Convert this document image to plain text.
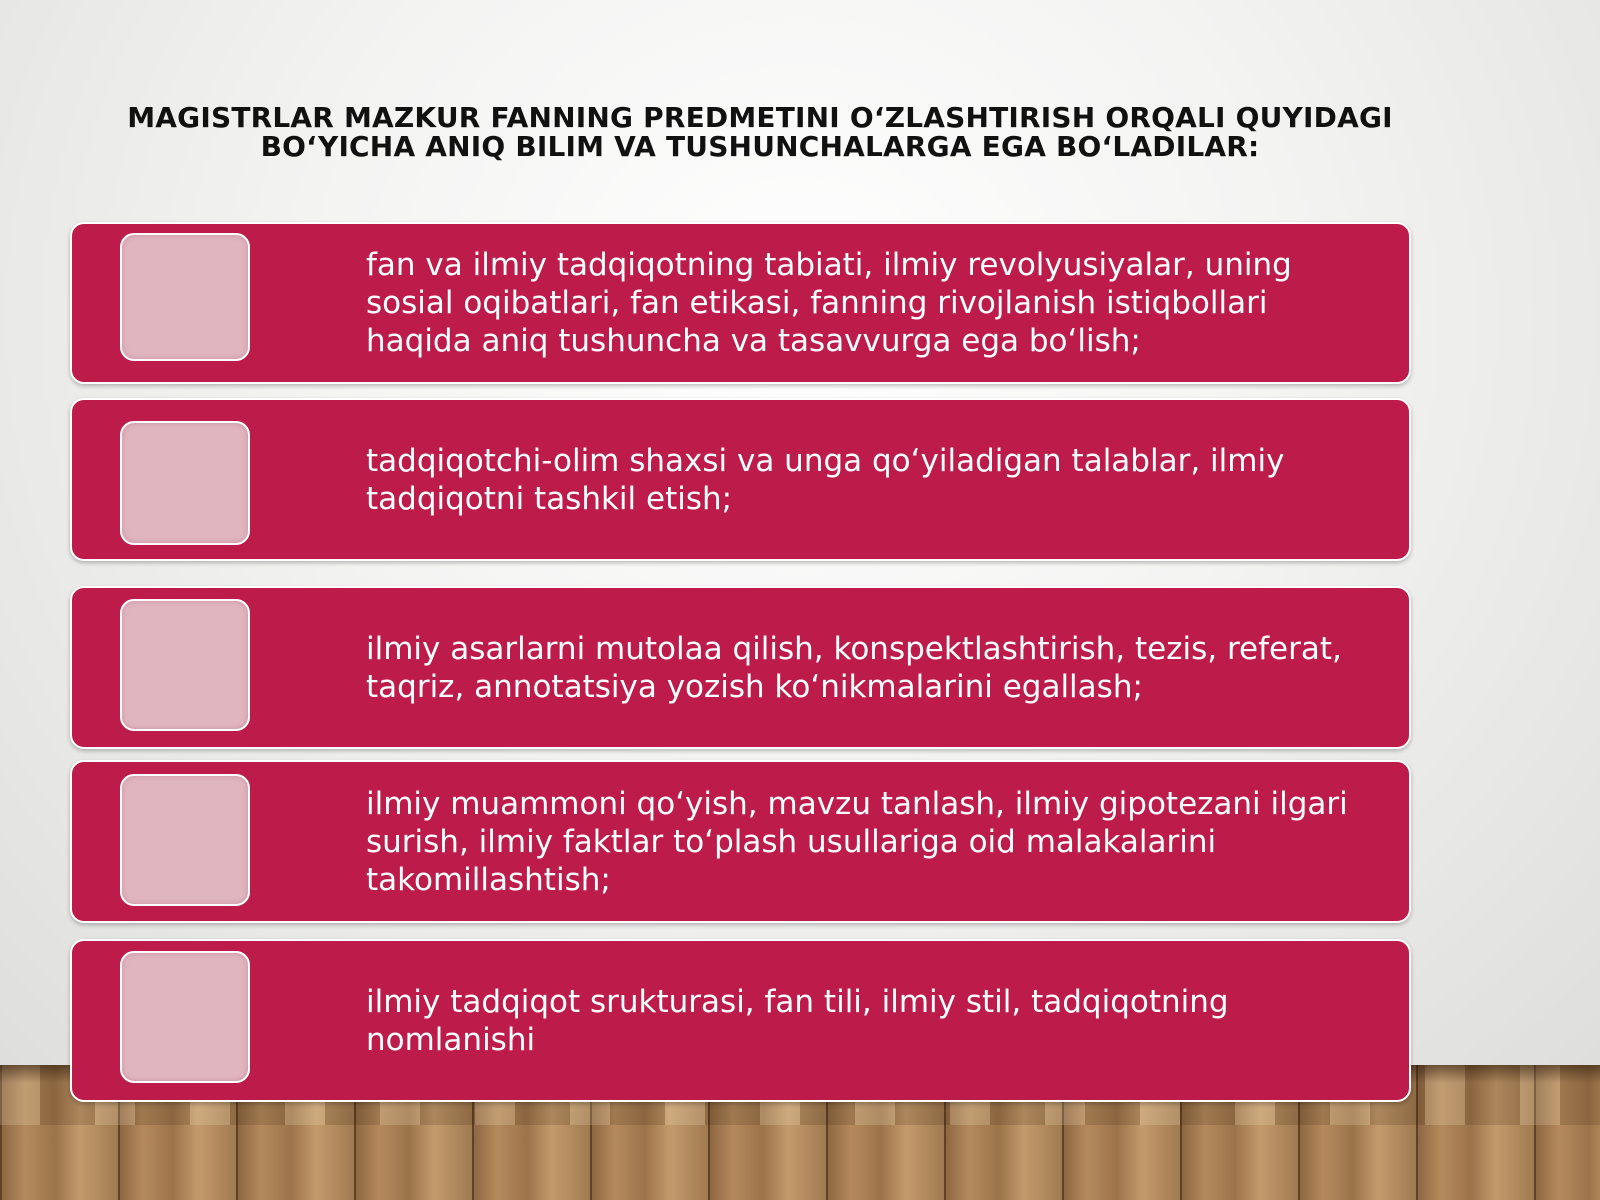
MAGISTRLAR MAZKUR FANNING PREDMETINI O‘ZLASHTIRISH ORQALI QUYIDAGI BO‘YICHA ANIQ BILIM VA TUSHUNCHALARGA EGA BO‘LADILAR:

fan va ilmiy tadqiqotning tabiati, ilmiy revolyusiyalar, uning sosial oqibatlari, fan etikasi, fanning rivojlanish istiqbollari haqida aniq tushuncha va tasavvurga ega bo‘lish;

tadqiqotchi-olim shaxsi va unga qo‘yiladigan talablar, ilmiy tadqiqotni tashkil etish;

ilmiy asarlarni mutolaa qilish, konspektlashtirish, tezis, referat, taqriz, annotatsiya yozish ko‘nikmalarini egallash;

ilmiy muammoni qo‘yish, mavzu tanlash, ilmiy gipotezani ilgari surish, ilmiy faktlar to‘plash usullariga oid malakalarini takomillashtish;

ilmiy tadqiqot srukturasi, fan tili, ilmiy stil, tadqiqotning nomlanishi
